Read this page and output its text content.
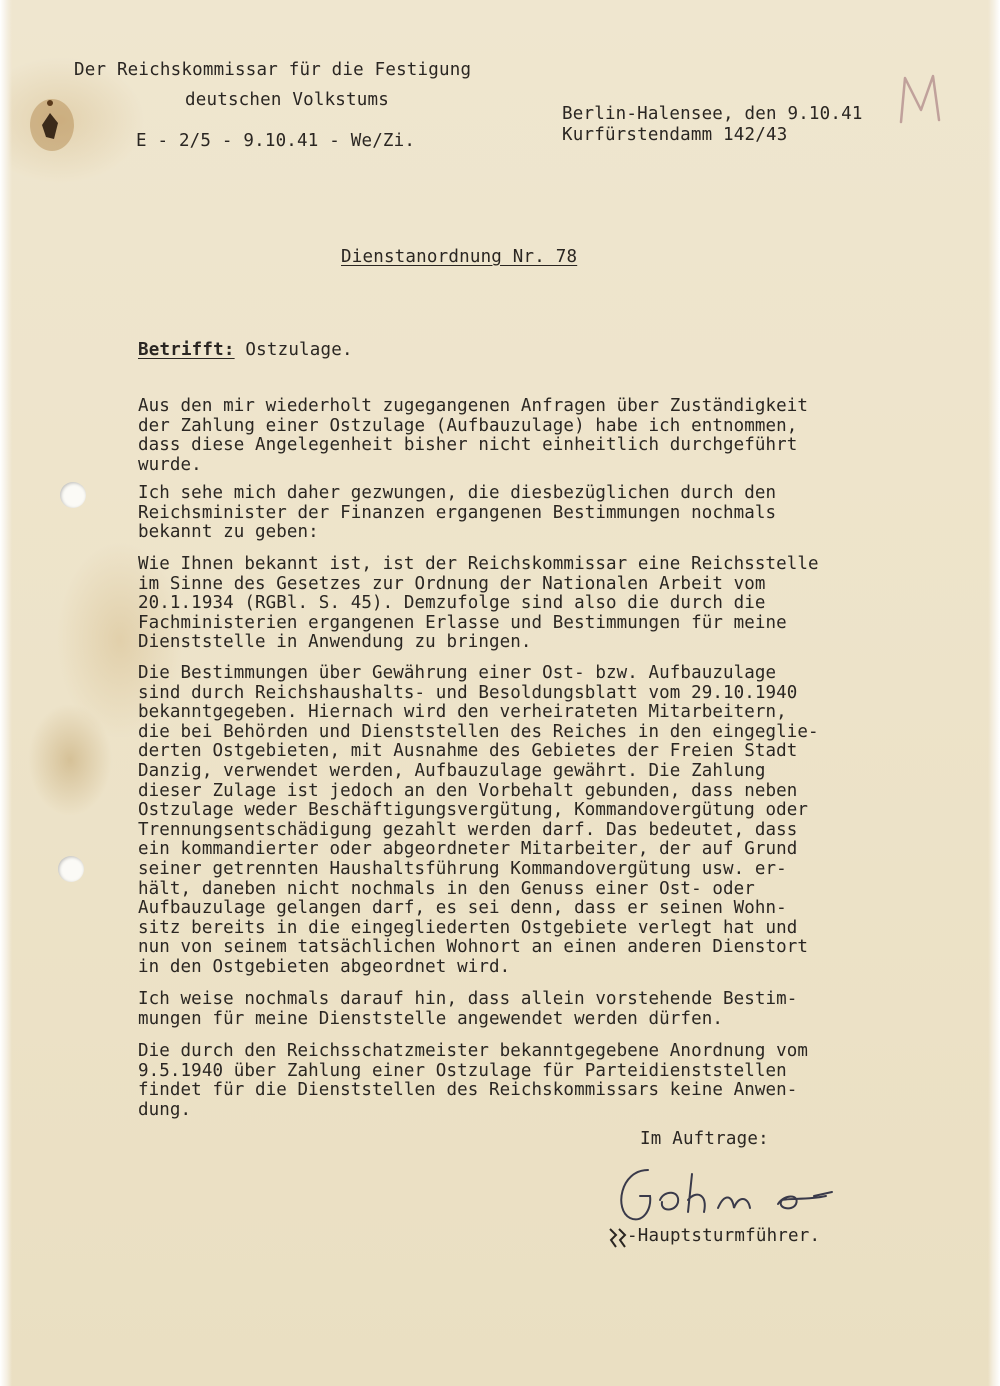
Der Reichskommissar für die Festigung
deutschen Volkstums
E - 2/5 - 9.10.41 - We/Zi.
Berlin-Halensee, den 9.10.41
Kurfürstendamm 142/43
Dienstanordnung Nr. 78
Betrifft: Ostzulage.
Aus den mir wiederholt zugegangenen Anfragen über Zuständigkeit
der Zahlung einer Ostzulage (Aufbauzulage) habe ich entnommen,
dass diese Angelegenheit bisher nicht einheitlich durchgeführt
wurde.
Ich sehe mich daher gezwungen, die diesbezüglichen durch den
Reichsminister der Finanzen ergangenen Bestimmungen nochmals
bekannt zu geben:
Wie Ihnen bekannt ist, ist der Reichskommissar eine Reichsstelle
im Sinne des Gesetzes zur Ordnung der Nationalen Arbeit vom
20.1.1934 (RGBl. S. 45). Demzufolge sind also die durch die
Fachministerien ergangenen Erlasse und Bestimmungen für meine
Dienststelle in Anwendung zu bringen.
Die Bestimmungen über Gewährung einer Ost- bzw. Aufbauzulage
sind durch Reichshaushalts- und Besoldungsblatt vom 29.10.1940
bekanntgegeben. Hiernach wird den verheirateten Mitarbeitern,
die bei Behörden und Dienststellen des Reiches in den eingeglie-
derten Ostgebieten, mit Ausnahme des Gebietes der Freien Stadt
Danzig, verwendet werden, Aufbauzulage gewährt. Die Zahlung
dieser Zulage ist jedoch an den Vorbehalt gebunden, dass neben
Ostzulage weder Beschäftigungsvergütung, Kommandovergütung oder
Trennungsentschädigung gezahlt werden darf. Das bedeutet, dass
ein kommandierter oder abgeordneter Mitarbeiter, der auf Grund
seiner getrennten Haushaltsführung Kommandovergütung usw. er-
hält, daneben nicht nochmals in den Genuss einer Ost- oder
Aufbauzulage gelangen darf, es sei denn, dass er seinen Wohn-
sitz bereits in die eingegliederten Ostgebiete verlegt hat und
nun von seinem tatsächlichen Wohnort an einen anderen Dienstort
in den Ostgebieten abgeordnet wird.
Ich weise nochmals darauf hin, dass allein vorstehende Bestim-
mungen für meine Dienststelle angewendet werden dürfen.
Die durch den Reichsschatzmeister bekanntgegebene Anordnung vom
9.5.1940 über Zahlung einer Ostzulage für Parteidienststellen
findet für die Dienststellen des Reichskommissars keine Anwen-
dung.
Im Auftrage:
-Hauptsturmführer.
